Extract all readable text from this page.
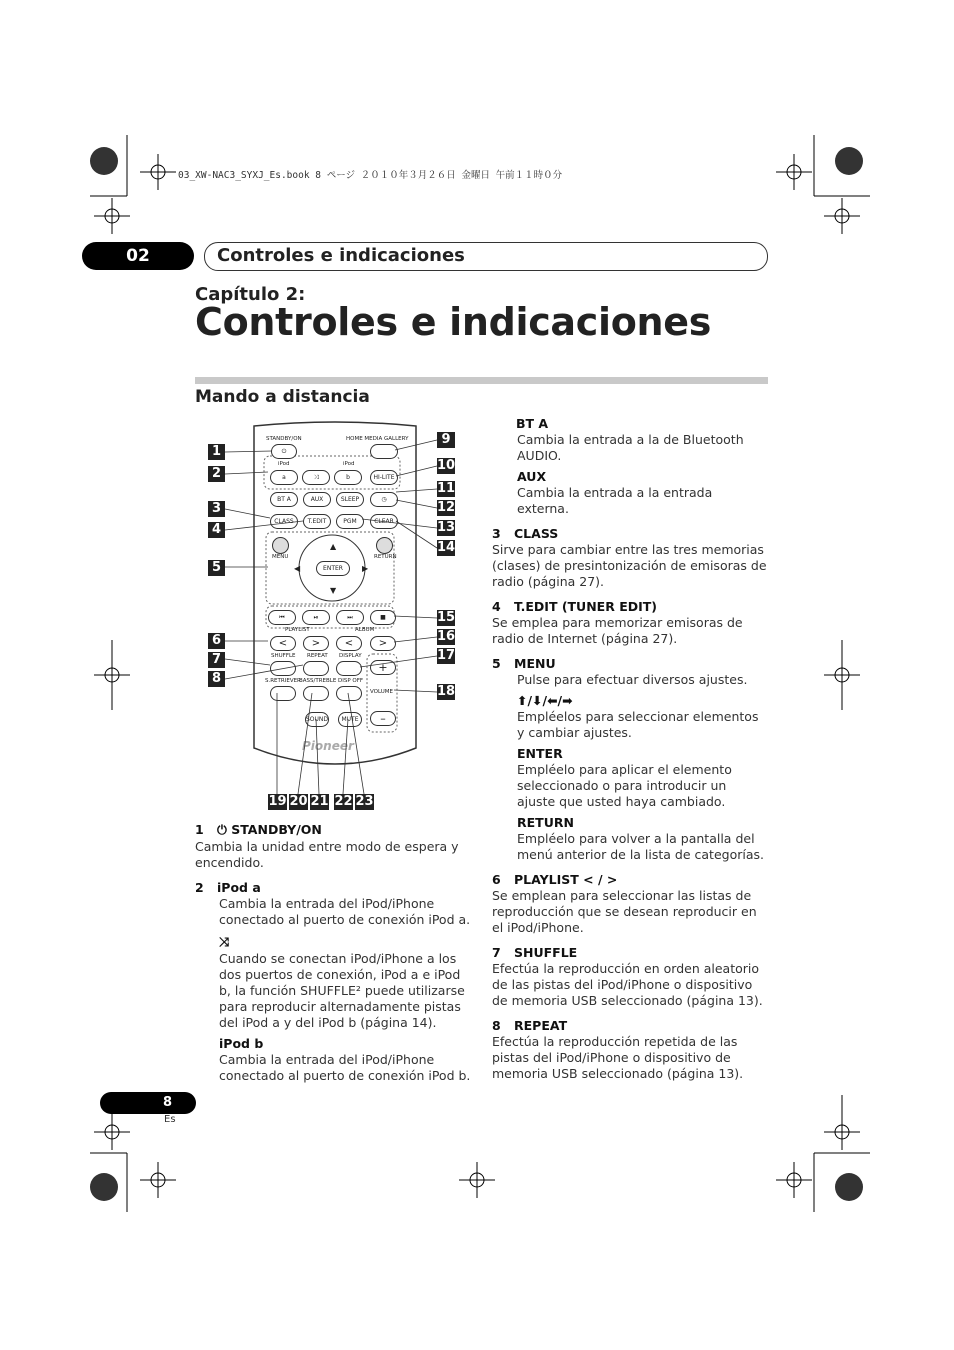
03_XW-NAC3_SYXJ_Es.book 8 ページ ２０１０年３月２６日 金曜日 午前１１時０分
02	Controles e indicaciones
Capítulo 2:
Controles e indicaciones
Mando a distancia
Pioneer
STANDBY/ON	HOME MEDIA GALLERY
⏻
iPod	iPod
a	⤨	b	HI-LITE
BT A	AUX	SLEEP	◷
CLASS	T.EDIT	PGM	CLEAR
MENU	RETURN
ENTER
▲
▼
◀	▶
⏮	⏯	⏭	■
PLAYLIST	ALBUM
<	>	<	>
SHUFFLE REPEAT DISPLAY
+
S.RETRIEVER
BASS/TREBLE DISP OFF
VOLUME
SOUND	MUTE	–
1
2
3
4
5
6
7
8
9
10
11
12
13
14
15
16
17
18
19 20 21 22 23
1 ⏻ STANDBY/ON
Cambia la unidad entre modo de espera y encendido.
2 iPod a
Cambia la entrada del iPod/iPhone conectado al puerto de conexión iPod a.
⤨
Cuando se conectan iPod/iPhone a los dos puertos de conexión, iPod a e iPod b, la función SHUFFLE² puede utilizarse para reproducir alternadamente pistas del iPod a y del iPod b (página 14).
iPod b
Cambia la entrada del iPod/iPhone conectado al puerto de conexión iPod b.
BT A
Cambia la entrada a la de Bluetooth AUDIO.
AUX
Cambia la entrada a la entrada externa.
3 CLASS
Sirve para cambiar entre las tres memorias (clases) de presintonización de emisoras de radio (página 27).
4 T.EDIT (TUNER EDIT)
Se emplea para memorizar emisoras de radio de Internet (página 27).
5 MENU
Pulse para efectuar diversos ajustes.
⬆/⬇/⬅/➡
Empléelos para seleccionar elementos y cambiar ajustes.
ENTER
Empléelo para aplicar el elemento seleccionado o para introducir un ajuste que usted haya cambiado.
RETURN
Empléelo para volver a la pantalla del menú anterior de la lista de categorías.
6 PLAYLIST < / >
Se emplean para seleccionar las listas de reproducción que se desean reproducir en el iPod/iPhone.
7 SHUFFLE
Efectúa la reproducción en orden aleatorio de las pistas del iPod/iPhone o dispositivo de memoria USB seleccionado (página 13).
8 REPEAT
Efectúa la reproducción repetida de las pistas del iPod/iPhone o dispositivo de memoria USB seleccionado (página 13).
8
Es
